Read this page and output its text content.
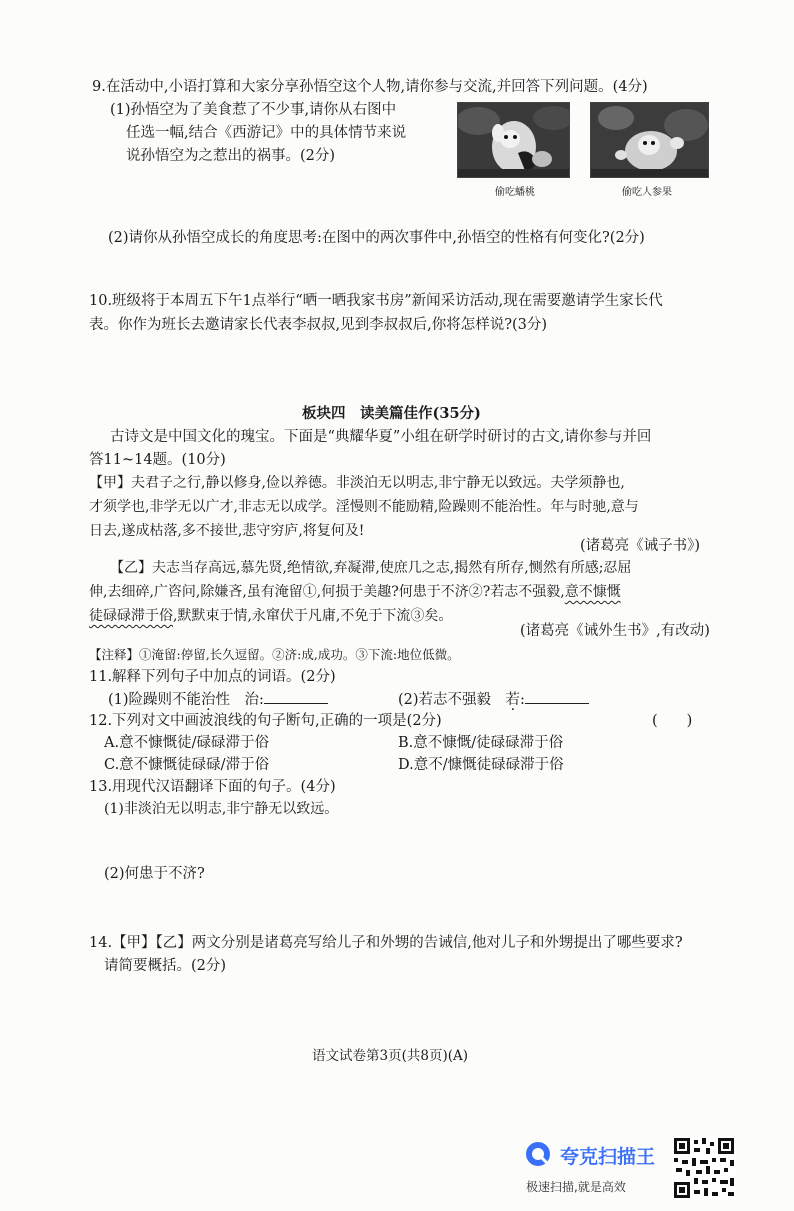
9.在活动中,小语打算和大家分享孙悟空这个人物,请你参与交流,并回答下列问题。(4分)
(1)孙悟空为了美食惹了不少事,请你从右图中
任选一幅,结合《西游记》中的具体情节来说
说孙悟空为之惹出的祸事。(2分)
偷吃蟠桃	偷吃人参果
(2)请你从孙悟空成长的角度思考:在图中的两次事件中,孙悟空的性格有何变化?(2分)
10.班级将于本周五下午1点举行“晒一晒我家书房”新闻采访活动,现在需要邀请学生家长代
表。你作为班长去邀请家长代表李叔叔,见到李叔叔后,你将怎样说?(3分)
板块四　读美篇佳作(35分)
古诗文是中国文化的瑰宝。下面是“典耀华夏”小组在研学时研讨的古文,请你参与并回
答11~14题。(10分)
【甲】夫君子之行,静以修身,俭以养德。非淡泊无以明志,非宁静无以致远。夫学须静也,
才须学也,非学无以广才,非志无以成学。淫慢则不能励精,险躁则不能治性。年与时驰,意与
日去,遂成枯落,多不接世,悲守穷庐,将复何及!
(诸葛亮《诫子书》)
【乙】夫志当存高远,慕先贤,绝情欲,弃凝滞,使庶几之志,揭然有所存,恻然有所感;忍屈
伸,去细碎,广咨问,除嫌吝,虽有淹留①,何损于美趣?何患于不济②?若志不强毅,意不慷慨
徒碌碌滞于俗,默默束于情,永窜伏于凡庸,不免于下流③矣。
(诸葛亮《诫外生书》,有改动)
【注释】①淹留:停留,长久逗留。②济:成,成功。③下流:地位低微。
11.解释下列句子中加点的词语。(2分)
(1)险躁则不能治性　治:	(2)若志不强毅　若:
12.下列对文中画波浪线的句子断句,正确的一项是(2分)	(　　)
A.意不慷慨徒/碌碌滞于俗	B.意不慷慨/徒碌碌滞于俗
C.意不慷慨徒碌碌/滞于俗	D.意不/慷慨徒碌碌滞于俗
13.用现代汉语翻译下面的句子。(4分)
(1)非淡泊无以明志,非宁静无以致远。
(2)何患于不济?
14.【甲】【乙】两文分别是诸葛亮写给儿子和外甥的告诫信,他对儿子和外甥提出了哪些要求?
请简要概括。(2分)
语文试卷第3页(共8页)(A)
夸克扫描王
极速扫描,就是高效
